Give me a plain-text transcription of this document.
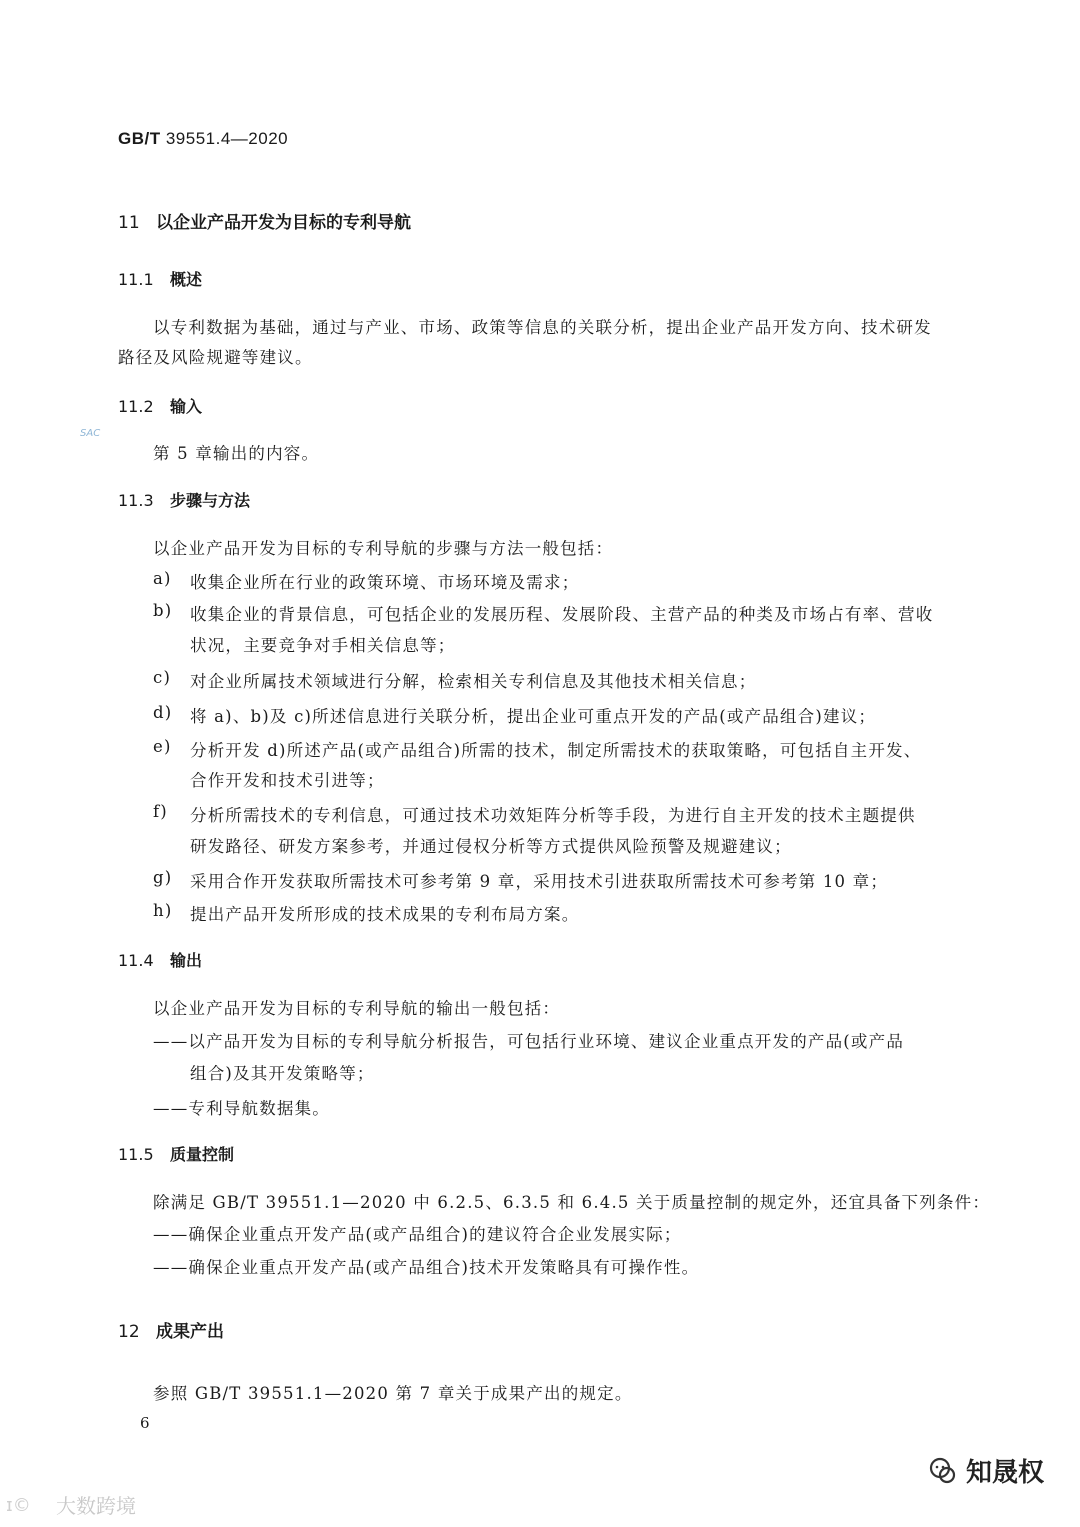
GB/T 39551.4—2020
11 以企业产品开发为目标的专利导航
11.1 概述
以专利数据为基础，通过与产业、市场、政策等信息的关联分析，提出企业产品开发方向、技术研发
路径及风险规避等建议。
11.2 输入
SAC
第 5 章输出的内容。
11.3 步骤与方法
以企业产品开发为目标的专利导航的步骤与方法一般包括：
a)	收集企业所在行业的政策环境、市场环境及需求；
b)	收集企业的背景信息，可包括企业的发展历程、发展阶段、主营产品的种类及市场占有率、营收
状况，主要竞争对手相关信息等；
c)	对企业所属技术领域进行分解，检索相关专利信息及其他技术相关信息；
d)	将 a)、b)及 c)所述信息进行关联分析，提出企业可重点开发的产品(或产品组合)建议；
e)	分析开发 d)所述产品(或产品组合)所需的技术，制定所需技术的获取策略，可包括自主开发、
合作开发和技术引进等；
f)	分析所需技术的专利信息，可通过技术功效矩阵分析等手段，为进行自主开发的技术主题提供
研发路径、研发方案参考，并通过侵权分析等方式提供风险预警及规避建议；
g)	采用合作开发获取所需技术可参考第 9 章，采用技术引进获取所需技术可参考第 10 章；
h)	提出产品开发所形成的技术成果的专利布局方案。
11.4 输出
以企业产品开发为目标的专利导航的输出一般包括：
——以产品开发为目标的专利导航分析报告，可包括行业环境、建议企业重点开发的产品(或产品
组合)及其开发策略等；
——专利导航数据集。
11.5 质量控制
除满足 GB/T 39551.1—2020 中 6.2.5、6.3.5 和 6.4.5 关于质量控制的规定外，还宜具备下列条件：
——确保企业重点开发产品(或产品组合)的建议符合企业发展实际；
——确保企业重点开发产品(或产品组合)技术开发策略具有可操作性。
12 成果产出
参照 GB/T 39551.1—2020 第 7 章关于成果产出的规定。
6
ɪ© 大数跨境
知晟权
